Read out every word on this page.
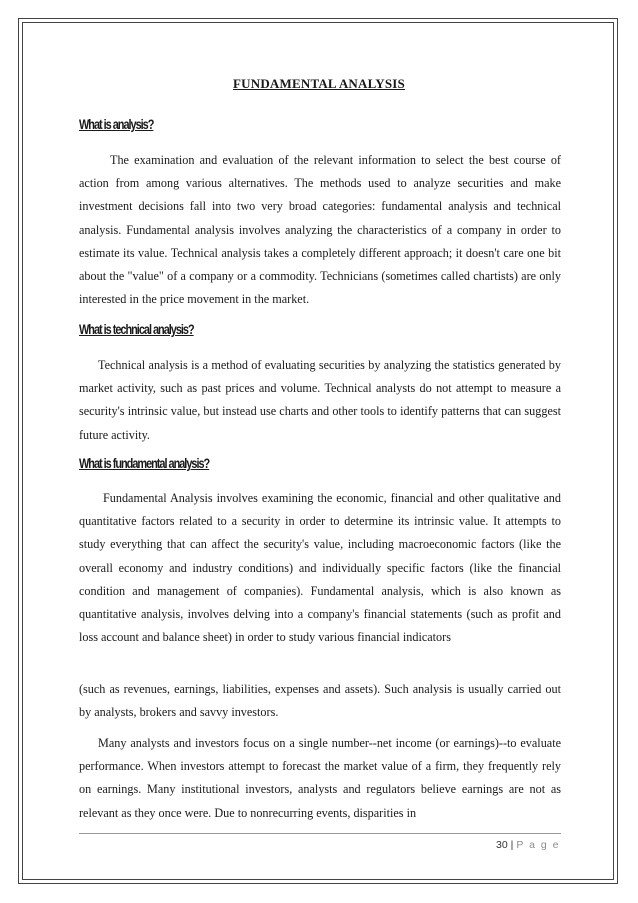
FUNDAMENTAL ANALYSIS
What is analysis?

The examination and evaluation of the relevant information to select the best course of action from among various alternatives. The methods used to analyze securities and make investment decisions fall into two very broad categories: fundamental analysis and technical analysis. Fundamental analysis involves analyzing the characteristics of a company in order to estimate its value. Technical analysis takes a completely different approach; it doesn't care one bit about the "value" of a company or a commodity. Technicians (sometimes called chartists) are only interested in the price movement in the market.

What is technical analysis?

Technical analysis is a method of evaluating securities by analyzing the statistics generated by market activity, such as past prices and volume. Technical analysts do not attempt to measure a security's intrinsic value, but instead use charts and other tools to identify patterns that can suggest future activity.

What is fundamental analysis?

Fundamental Analysis involves examining the economic, financial and other qualitative and quantitative factors related to a security in order to determine its intrinsic value. It attempts to study everything that can affect the security's value, including macroeconomic factors (like the overall economy and industry conditions) and individually specific factors (like the financial condition and management of companies). Fundamental analysis, which is also known as quantitative analysis, involves delving into a company's financial statements (such as profit and loss account and balance sheet) in order to study various financial indicators

(such as revenues, earnings, liabilities, expenses and assets). Such analysis is usually carried out by analysts, brokers and savvy investors.

Many analysts and investors focus on a single number--net income (or earnings)--to evaluate performance. When investors attempt to forecast the market value of a firm, they frequently rely on earnings. Many institutional investors, analysts and regulators believe earnings are not as relevant as they once were. Due to nonrecurring events, disparities in

30 | P a g e
